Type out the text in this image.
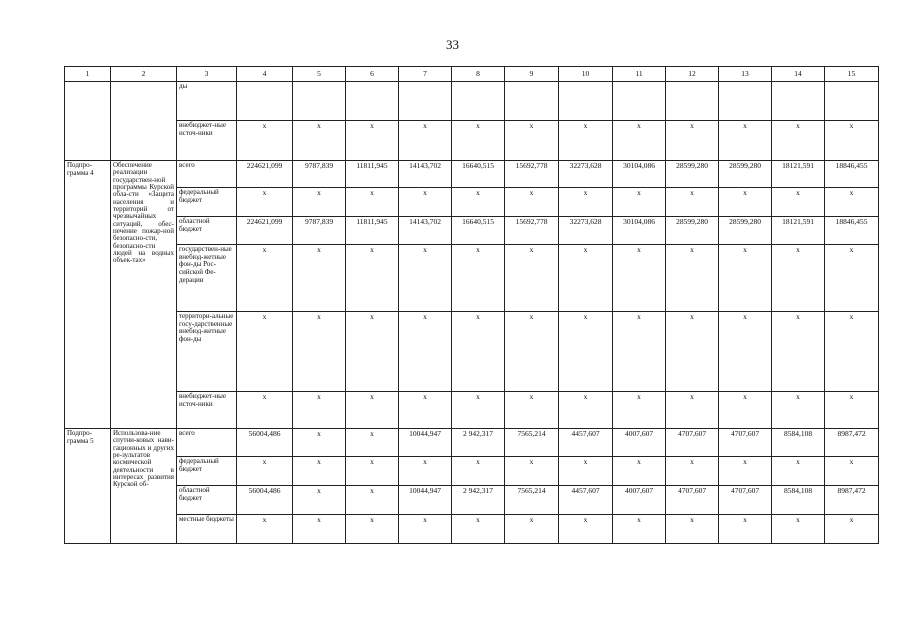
33
1	2	3	4	5	6	7	8	9	10	11	12	13	14	15
		ды												
		внебюджет-ные источ-ники	х	х	х	х	х	х	х	х	х	х	х	х
Подпро-грамма 4	Обеспечение реализации государствен-ной программы Курской обла-сти «Защита населения и территорий от чрезвычайных ситуаций, обес-печение пожар-ной безопасно-сти, безопасно-сти людей на водных объек-тах»	всего	224621,099	9787,839	11811,945	14143,702	16640,515	15692,778	32273,628	30104,086	28599,280	28599,280	18121,591	18846,455
		федеральный бюджет	х	х	х	х	х	х	х	х	х	х	х	х
		областной бюджет	224621,099	9787,839	11811,945	14143,702	16640,515	15692,778	32273,628	30104,086	28599,280	28599,280	18121,591	18846,455
		государствен-ные внебюд-жетные фон-ды Рос-сийской Фе-дерации	х	х	х	х	х	х	х	х	х	х	х	х
		территори-альные госу-дарственные внебюд-жетные фон-ды	х	х	х	х	х	х	х	х	х	х	х	х
		внебюджет-ные источ-ники	х	х	х	х	х	х	х	х	х	х	х	х
Подпро-грамма 5	Использова-ние спутни-ковых нави-гационных и других ре-зультатов космической деятельности в интересах развития Курской об-	всего	56004,486	х	х	10044,947	2 942,317	7565,214	4457,607	4007,607	4707,607	4707,607	8584,108	8987,472
		федеральный бюджет	х	х	х	х	х	х	х	х	х	х	х	х
		областной бюджет	56004,486	х	х	10044,947	2 942,317	7565,214	4457,607	4007,607	4707,607	4707,607	8584,108	8987,472
		местные бюджеты	х	х	х	х	х	х	х	х	х	х	х	х
